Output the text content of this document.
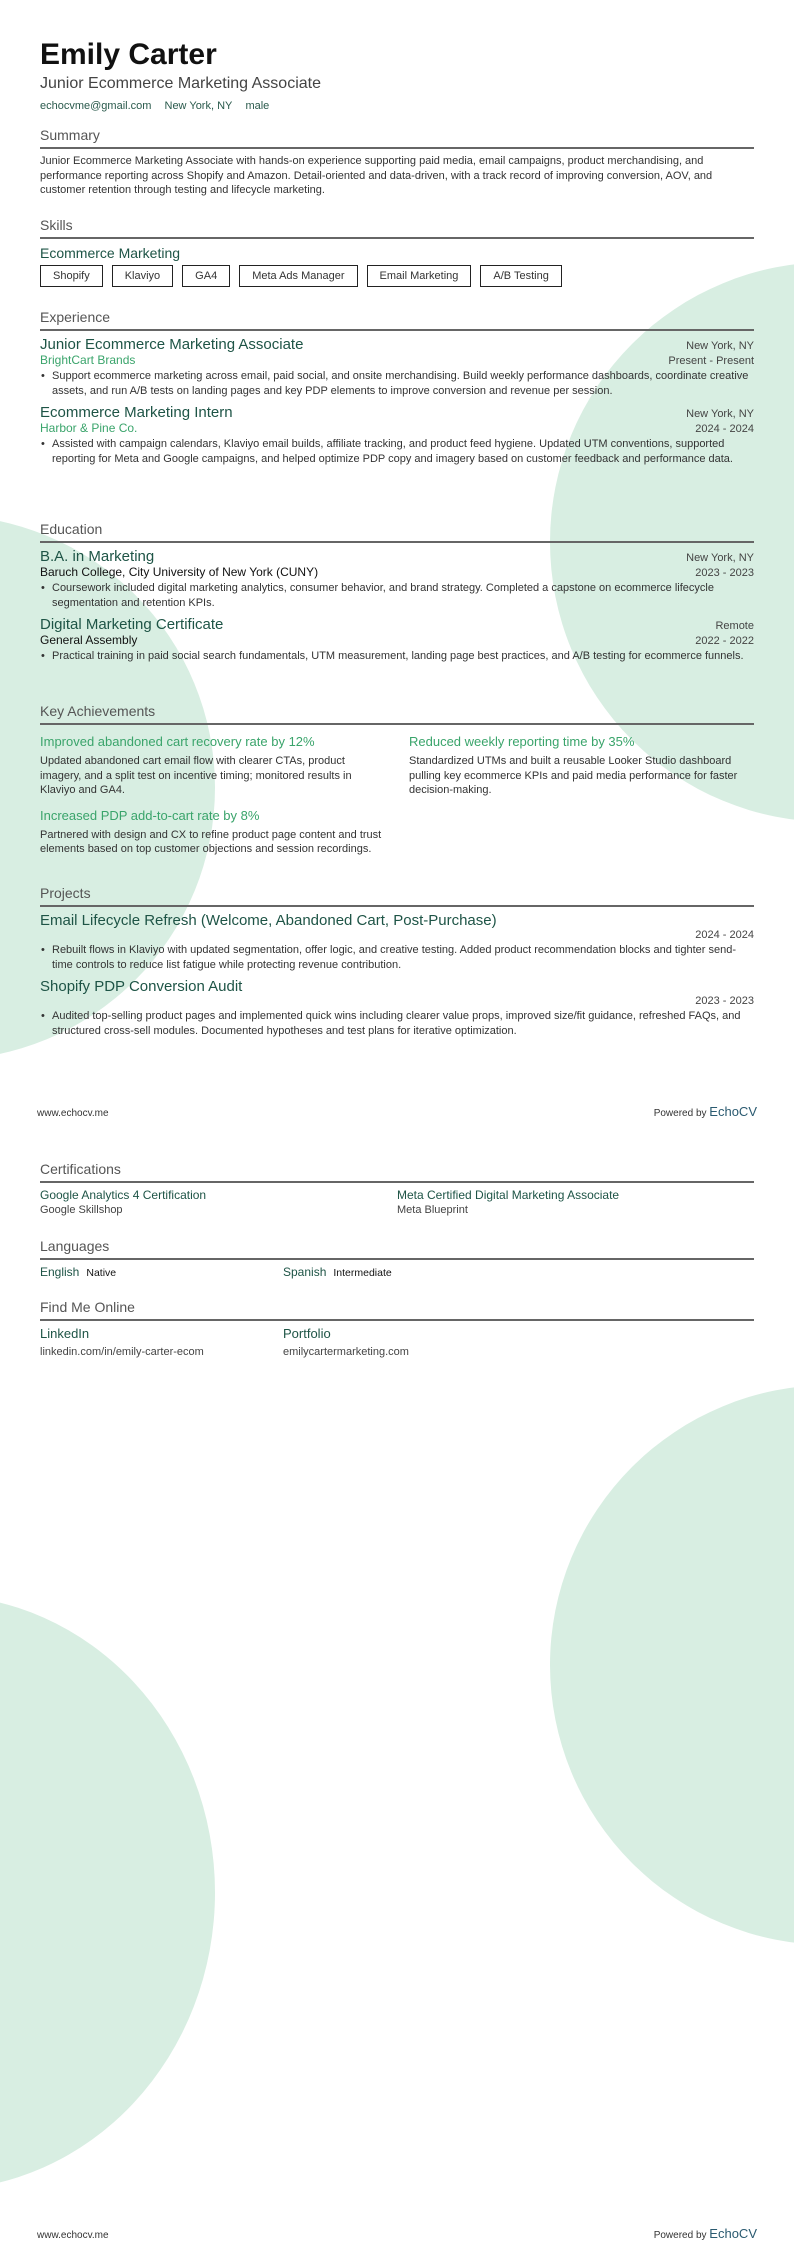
Emily Carter
Junior Ecommerce Marketing Associate
echocvme@gmail.com New York, NY male
Summary
Junior Ecommerce Marketing Associate with hands-on experience supporting paid media, email campaigns, product merchandising, and performance reporting across Shopify and Amazon. Detail-oriented and data-driven, with a track record of improving conversion, AOV, and customer retention through testing and lifecycle marketing.
Skills
Ecommerce Marketing
Shopify	Klaviyo	GA4	Meta Ads Manager	Email Marketing	A/B Testing
Experience
Junior Ecommerce Marketing Associate	New York, NY
BrightCart Brands	Present - Present
• Support ecommerce marketing across email, paid social, and onsite merchandising. Build weekly performance dashboards, coordinate creative assets, and run A/B tests on landing pages and key PDP elements to improve conversion and revenue per session.
Ecommerce Marketing Intern	New York, NY
Harbor & Pine Co.	2024 - 2024
• Assisted with campaign calendars, Klaviyo email builds, affiliate tracking, and product feed hygiene. Updated UTM conventions, supported reporting for Meta and Google campaigns, and helped optimize PDP copy and imagery based on customer feedback and performance data.
Education
B.A. in Marketing	New York, NY
Baruch College, City University of New York (CUNY)	2023 - 2023
• Coursework included digital marketing analytics, consumer behavior, and brand strategy. Completed a capstone on ecommerce lifecycle segmentation and retention KPIs.
Digital Marketing Certificate	Remote
General Assembly	2022 - 2022
• Practical training in paid social search fundamentals, UTM measurement, landing page best practices, and A/B testing for ecommerce funnels.
Key Achievements
Improved abandoned cart recovery rate by 12%
Updated abandoned cart email flow with clearer CTAs, product imagery, and a split test on incentive timing; monitored results in Klaviyo and GA4.
Reduced weekly reporting time by 35%
Standardized UTMs and built a reusable Looker Studio dashboard pulling key ecommerce KPIs and paid media performance for faster decision-making.
Increased PDP add-to-cart rate by 8%
Partnered with design and CX to refine product page content and trust elements based on top customer objections and session recordings.
Projects
Email Lifecycle Refresh (Welcome, Abandoned Cart, Post-Purchase)
2024 - 2024
• Rebuilt flows in Klaviyo with updated segmentation, offer logic, and creative testing. Added product recommendation blocks and tighter send-time controls to reduce list fatigue while protecting revenue contribution.
Shopify PDP Conversion Audit
2023 - 2023
• Audited top-selling product pages and implemented quick wins including clearer value props, improved size/fit guidance, refreshed FAQs, and structured cross-sell modules. Documented hypotheses and test plans for iterative optimization.
www.echocv.me	Powered by EchoCV
Certifications
Google Analytics 4 Certification
Google Skillshop
Meta Certified Digital Marketing Associate
Meta Blueprint
Languages
English Native	Spanish Intermediate
Find Me Online
LinkedIn
linkedin.com/in/emily-carter-ecom
Portfolio
emilycartermarketing.com
www.echocv.me	Powered by EchoCV
